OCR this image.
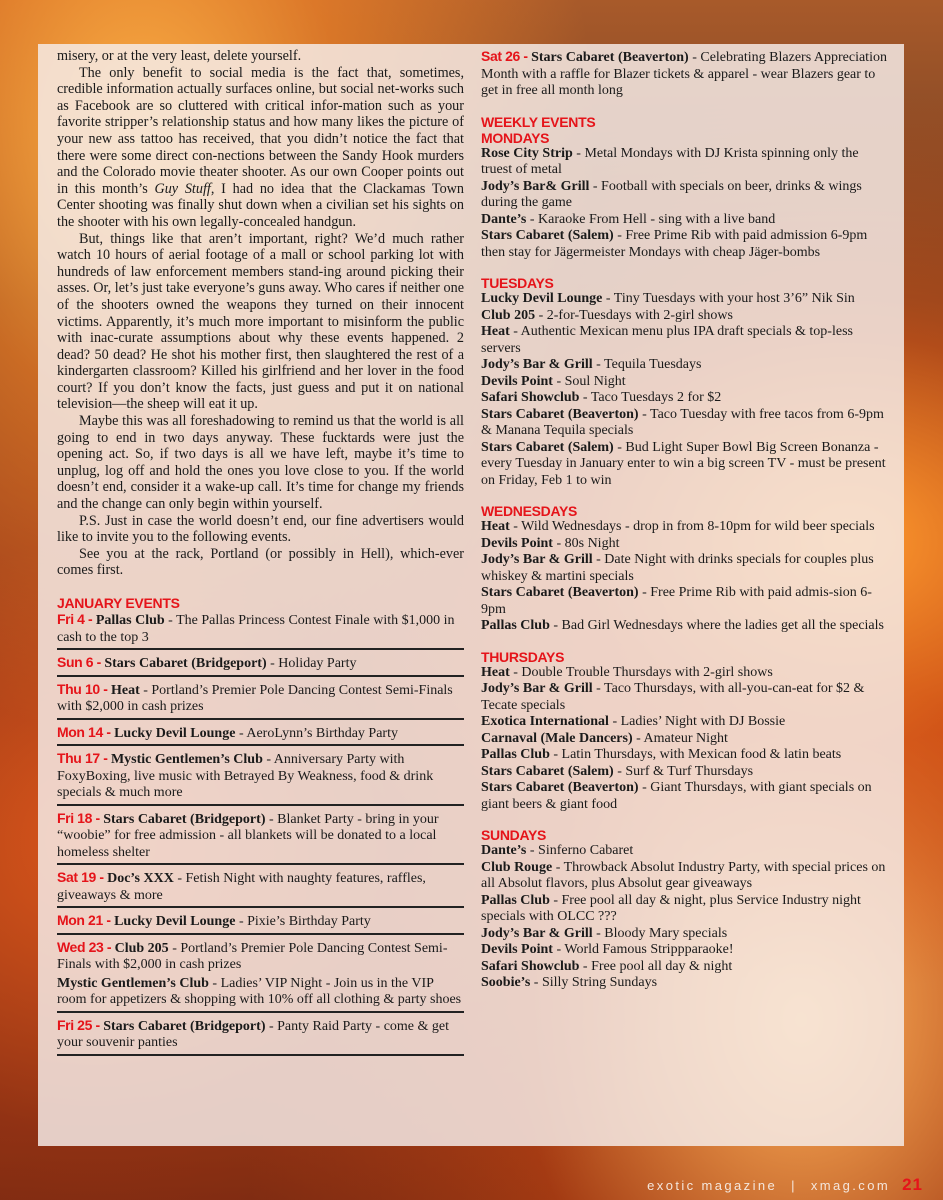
misery, or at the very least, delete yourself.

The only benefit to social media is the fact that, sometimes, credible information actually surfaces online, but social net-works such as Facebook are so cluttered with critical infor-mation such as your favorite stripper’s relationship status and how many likes the picture of your new ass tattoo has received, that you didn’t notice the fact that there were some direct con-nections between the Sandy Hook murders and the Colorado movie theater shooter. As our own Cooper points out in this month’s Guy Stuff, I had no idea that the Clackamas Town Center shooting was finally shut down when a civilian set his sights on the shooter with his own legally-concealed handgun.

But, things like that aren’t important, right? We’d much rather watch 10 hours of aerial footage of a mall or school parking lot with hundreds of law enforcement members stand-ing around picking their asses. Or, let’s just take everyone’s guns away. Who cares if neither one of the shooters owned the weapons they turned on their innocent victims. Apparently, it’s much more important to misinform the public with inac-curate assumptions about why these events happened. 2 dead? 50 dead? He shot his mother first, then slaughtered the rest of a kindergarten classroom? Killed his girlfriend and her lover in the food court? If you don’t know the facts, just guess and put it on national television—the sheep will eat it up.

Maybe this was all foreshadowing to remind us that the world is all going to end in two days anyway. These fucktards were just the opening act. So, if two days is all we have left, maybe it’s time to unplug, log off and hold the ones you love close to you. If the world doesn’t end, consider it a wake-up call. It’s time for change my friends and the change can only begin within yourself.

P.S. Just in case the world doesn’t end, our fine advertisers would like to invite you to the following events.

See you at the rack, Portland (or possibly in Hell), which-ever comes first.

JANUARY EVENTS

Fri 4 - Pallas Club - The Pallas Princess Contest Finale with $1,000 in cash to the top 3

Sun 6 - Stars Cabaret (Bridgeport) - Holiday Party

Thu 10 - Heat - Portland’s Premier Pole Dancing Contest Semi-Finals with $2,000 in cash prizes

Mon 14 - Lucky Devil Lounge - AeroLynn’s Birthday Party

Thu 17 - Mystic Gentlemen’s Club - Anniversary Party with FoxyBoxing, live music with Betrayed By Weakness, food & drink specials & much more

Fri 18 - Stars Cabaret (Bridgeport) - Blanket Party - bring in your “woobie” for free admission - all blankets will be donated to a local homeless shelter

Sat 19 - Doc’s XXX - Fetish Night with naughty features, raffles, giveaways & more

Mon 21 - Lucky Devil Lounge - Pixie’s Birthday Party

Wed 23 - Club 205 - Portland’s Premier Pole Dancing Contest Semi-Finals with $2,000 in cash prizes

Mystic Gentlemen’s Club - Ladies’ VIP Night - Join us in the VIP room for appetizers & shopping with 10% off all clothing & party shoes

Fri 25 - Stars Cabaret (Bridgeport) - Panty Raid Party - come & get your souvenir panties

Sat 26 - Stars Cabaret (Beaverton) - Celebrating Blazers Appreciation Month with a raffle for Blazer tickets & apparel - wear Blazers gear to get in free all month long

WEEKLY EVENTS

MONDAYS

Rose City Strip - Metal Mondays with DJ Krista spinning only the truest of metal

Jody’s Bar& Grill - Football with specials on beer, drinks & wings during the game

Dante’s - Karaoke From Hell - sing with a live band

Stars Cabaret (Salem) - Free Prime Rib with paid admission 6-9pm then stay for Jägermeister Mondays with cheap Jäger-bombs

TUESDAYS

Lucky Devil Lounge - Tiny Tuesdays with your host 3’6” Nik Sin

Club 205 - 2-for-Tuesdays with 2-girl shows

Heat - Authentic Mexican menu plus IPA draft specials & top-less servers

Jody’s Bar & Grill - Tequila Tuesdays

Devils Point - Soul Night

Safari Showclub - Taco Tuesdays 2 for $2

Stars Cabaret (Beaverton) - Taco Tuesday with free tacos from 6-9pm & Manana Tequila specials

Stars Cabaret (Salem) - Bud Light Super Bowl Big Screen Bonanza - every Tuesday in January enter to win a big screen TV - must be present on Friday, Feb 1 to win

WEDNESDAYS

Heat - Wild Wednesdays - drop in from 8-10pm for wild beer specials

Devils Point - 80s Night

Jody’s Bar & Grill - Date Night with drinks specials for couples plus whiskey & martini specials

Stars Cabaret (Beaverton) - Free Prime Rib with paid admis-sion 6-9pm

Pallas Club - Bad Girl Wednesdays where the ladies get all the specials

THURSDAYS

Heat - Double Trouble Thursdays with 2-girl shows

Jody’s Bar & Grill - Taco Thursdays, with all-you-can-eat for $2 & Tecate specials

Exotica International - Ladies’ Night with DJ Bossie

Carnaval (Male Dancers) - Amateur Night

Pallas Club - Latin Thursdays, with Mexican food & latin beats

Stars Cabaret (Salem) - Surf & Turf Thursdays

Stars Cabaret (Beaverton) - Giant Thursdays, with giant specials on giant beers & giant food

SUNDAYS

Dante’s - Sinferno Cabaret

Club Rouge - Throwback Absolut Industry Party, with special prices on all Absolut flavors, plus Absolut gear giveaways

Pallas Club - Free pool all day & night, plus Service Industry night specials with OLCC ???

Jody’s Bar & Grill - Bloody Mary specials

Devils Point - World Famous Strippparaoke!

Safari Showclub - Free pool all day & night

Soobie’s - Silly String Sundays

exotic magazine | xmag.com 21
